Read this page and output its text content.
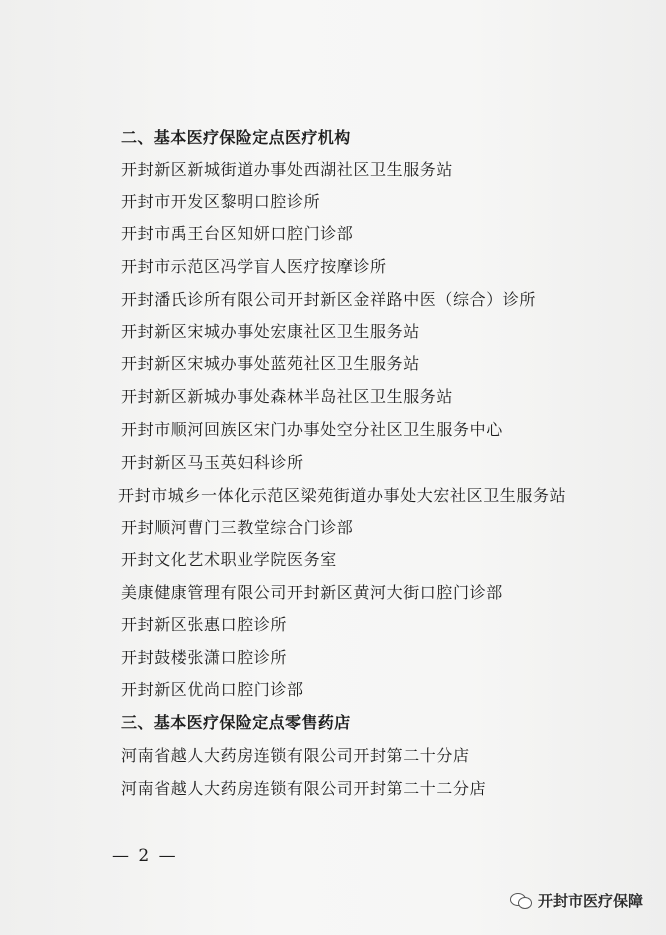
二、基本医疗保险定点医疗机构
开封新区新城街道办事处西湖社区卫生服务站
开封市开发区黎明口腔诊所
开封市禹王台区知妍口腔门诊部
开封市示范区冯学盲人医疗按摩诊所
开封潘氏诊所有限公司开封新区金祥路中医（综合）诊所
开封新区宋城办事处宏康社区卫生服务站
开封新区宋城办事处蓝苑社区卫生服务站
开封新区新城办事处森林半岛社区卫生服务站
开封市顺河回族区宋门办事处空分社区卫生服务中心
开封新区马玉英妇科诊所
开封市城乡一体化示范区梁苑街道办事处大宏社区卫生服务站
开封顺河曹门三教堂综合门诊部
开封文化艺术职业学院医务室
美康健康管理有限公司开封新区黄河大街口腔门诊部
开封新区张惠口腔诊所
开封鼓楼张潇口腔诊所
开封新区优尚口腔门诊部
三、基本医疗保险定点零售药店
河南省越人大药房连锁有限公司开封第二十分店
河南省越人大药房连锁有限公司开封第二十二分店
— 2 —
开封市医疗保障
